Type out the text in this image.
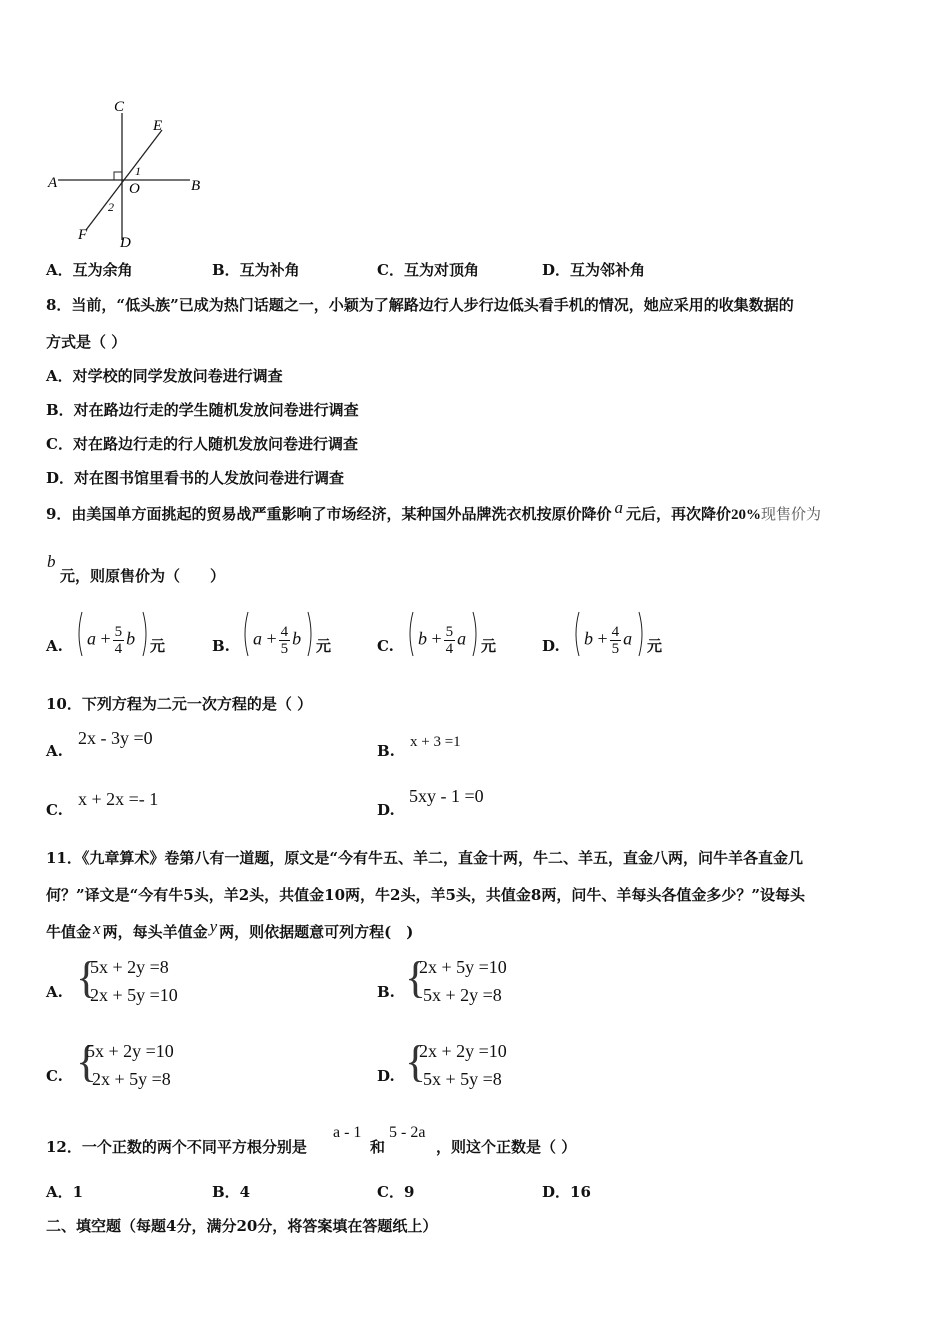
C
E
A	B
O
1
2
F D
A．互为余角	B．互为补角	C．互为对顶角	D．互为邻补角
8．当前，“低头族”已成为热门话题之一，小颖为了解路边行人步行边低头看手机的情况，她应采用的收集数据的
方式是（ ）
A．对学校的同学发放问卷进行调查
B．对在路边行走的学生随机发放问卷进行调查
C．对在路边行走的行人随机发放问卷进行调查
D．对在图书馆里看书的人发放问卷进行调查
9．由美国单方面挑起的贸易战严重影响了市场经济，某种国外品牌洗衣机按原价降价 a 元后，再次降价20%现售价为
b
元，则原售价为（　　）
A. $a + \frac{5}{4}$ b 元	B. $a + \frac{4}{5}$ b 元	C. $b + \frac{5}{4}$ a 元	D. $b + \frac{4}{5}$ a 元
10．下列方程为二元一次方程的是（ ）
A.
2x - 3y =0
B. x + 3 =1
C.
x + 2x =- 1
D.
5xy - 1 =0
11．《九章算术》卷第八有一道题，原文是“今有牛五、羊二，直金十两，牛二、羊五，直金八两，问牛羊各直金几
何？”译文是“今有牛5头，羊2头，共值金10两，牛2头，羊5头，共值金8两，问牛、羊每头各值金多少？”设每头
牛值金 x 两，每头羊值金 y 两，则依据题意可列方程(　)
A. {
5x + 2y =8
2x + 5y =10	B. {
2x + 5y =10
5x + 2y =8
C. {
5x + 2y =10
2x + 5y =8	D. {
2x + 2y =10
5x + 5y =8
12．一个正数的两个不同平方根分别是
a - 1
和
5 - 2a
，则这个正数是（ ）
A．1	B．4	C．9	D．16
二、填空题（每题4分，满分20分，将答案填在答题纸上）
